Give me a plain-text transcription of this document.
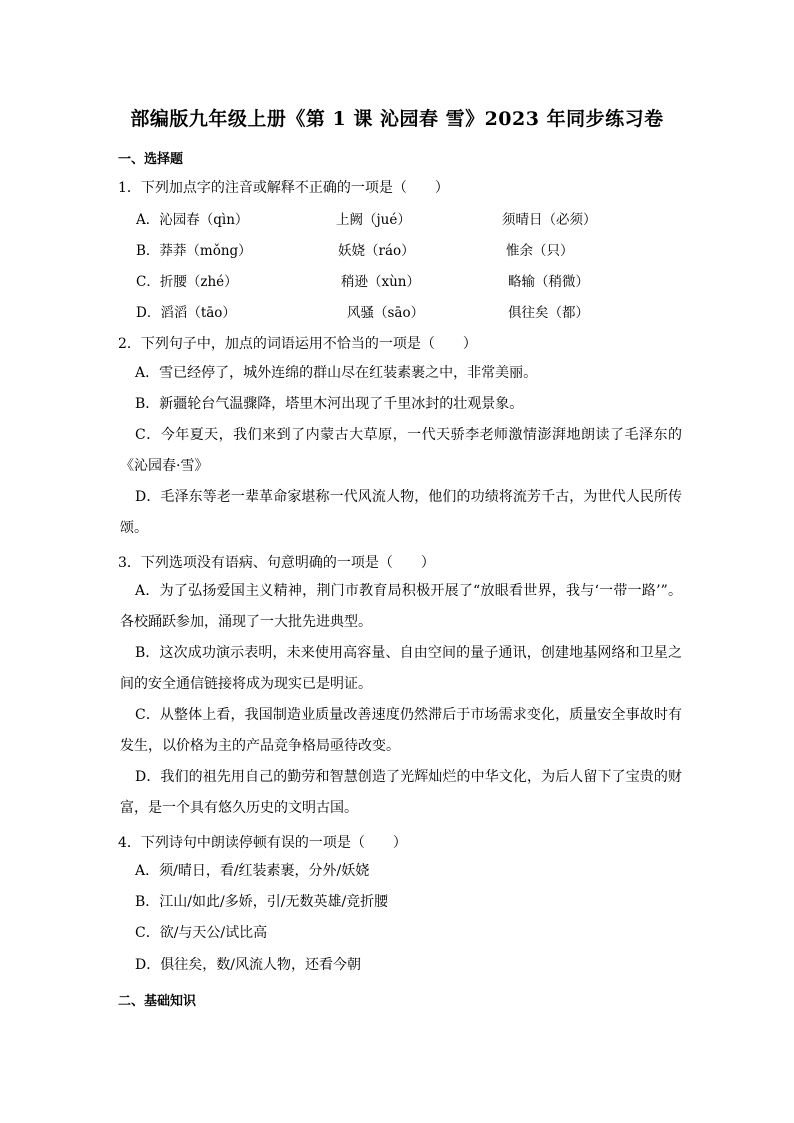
部编版九年级上册《第 1 课 沁园春 雪》2023 年同步练习卷
一、选择题
1．下列加点字的注音或解释不正确的一项是（　　）
A．沁园春（qìn）	上阙（jué）	须晴日（必须）
B．莽莽（mǒng）	妖娆（ráo）	惟余（只）
C．折腰（zhé）	稍逊（xùn）	略输（稍微）
D．滔滔（tāo）	风骚（sāo）	俱往矣（都）
2．下列句子中，加点的词语运用不恰当的一项是（　　）
A．雪已经停了，城外连绵的群山尽在红装素裹之中，非常美丽。
B．新疆轮台气温骤降，塔里木河出现了千里冰封的壮观景象。
C．今年夏天，我们来到了内蒙古大草原，一代天骄李老师激情澎湃地朗读了毛泽东的《沁园春·雪》
D．毛泽东等老一辈革命家堪称一代风流人物，他们的功绩将流芳千古，为世代人民所传颂。
3．下列选项没有语病、句意明确的一项是（　　）
A．为了弘扬爱国主义精神，荆门市教育局积极开展了“放眼看世界，我与‘一带一路’”。各校踊跃参加，涌现了一大批先进典型。
B．这次成功演示表明，未来使用高容量、自由空间的量子通讯，创建地基网络和卫星之间的安全通信链接将成为现实已是明证。
C．从整体上看，我国制造业质量改善速度仍然滞后于市场需求变化，质量安全事故时有发生，以价格为主的产品竞争格局亟待改变。
D．我们的祖先用自己的勤劳和智慧创造了光辉灿烂的中华文化，为后人留下了宝贵的财富，是一个具有悠久历史的文明古国。
4．下列诗句中朗读停顿有误的一项是（　　）
A．须/晴日，看/红装素裹，分外/妖娆
B．江山/如此/多娇，引/无数英雄/竞折腰
C．欲/与天公/试比高
D．俱往矣，数/风流人物，还看今朝
二、基础知识
